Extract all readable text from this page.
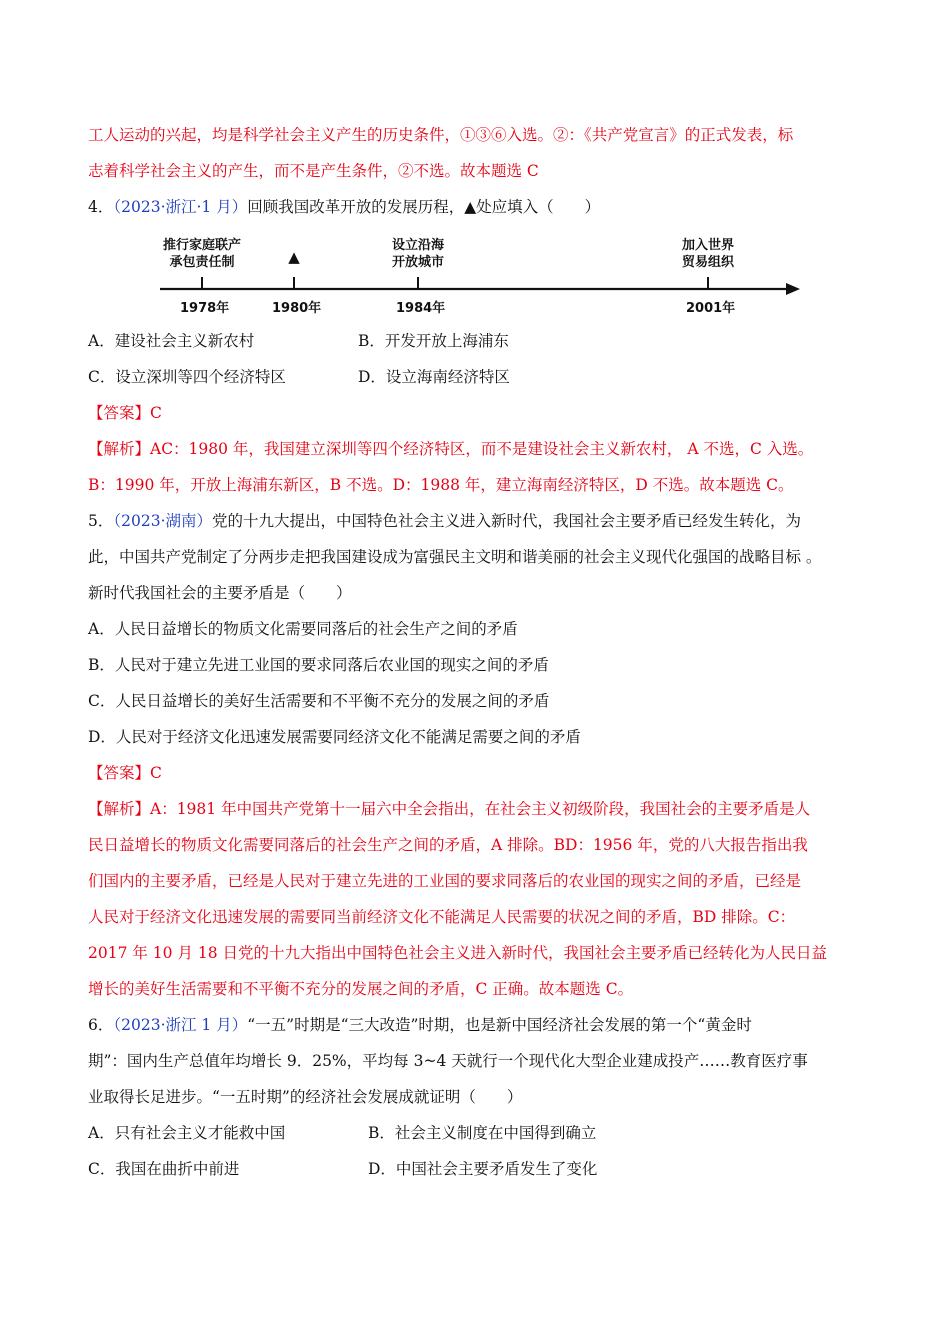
工人运动的兴起，均是科学社会主义产生的历史条件，①③⑥入选。②：《共产党宣言》的正式发表，标

志着科学社会主义的产生，而不是产生条件，②不选。故本题选 C

4．（2023·浙江·1 月）回顾我国改革开放的发展历程，▲处应填入（　　）

推行家庭联产
承包责任制	▲
设立沿海
开放城市
加入世界
贸易组织
1978年	1980年	1984年	2001年
A．建设社会主义新农村	B．开发开放上海浦东
C．设立深圳等四个经济特区	D．设立海南经济特区

【答案】C

【解析】AC：1980 年，我国建立深圳等四个经济特区，而不是建设社会主义新农村， A 不选，C 入选。

B：1990 年，开放上海浦东新区，B 不选。D：1988 年，建立海南经济特区，D 不选。故本题选 C。

5．（2023·湖南）党的十九大提出，中国特色社会主义进入新时代，我国社会主要矛盾已经发生转化，为

此，中国共产党制定了分两步走把我国建设成为富强民主文明和谐美丽的社会主义现代化强国的战略目标 。

新时代我国社会的主要矛盾是（　　）

A．人民日益增长的物质文化需要同落后的社会生产之间的矛盾

B．人民对于建立先进工业国的要求同落后农业国的现实之间的矛盾

C．人民日益增长的美好生活需要和不平衡不充分的发展之间的矛盾

D．人民对于经济文化迅速发展需要同经济文化不能满足需要之间的矛盾

【答案】C

【解析】A：1981 年中国共产党第十一届六中全会指出，在社会主义初级阶段，我国社会的主要矛盾是人

民日益增长的物质文化需要同落后的社会生产之间的矛盾，A 排除。BD：1956 年，党的八大报告指出我

们国内的主要矛盾，已经是人民对于建立先进的工业国的要求同落后的农业国的现实之间的矛盾，已经是

人民对于经济文化迅速发展的需要同当前经济文化不能满足人民需要的状况之间的矛盾，BD 排除。C：

2017 年 10 月 18 日党的十九大指出中国特色社会主义进入新时代，我国社会主要矛盾已经转化为人民日益

增长的美好生活需要和不平衡不充分的发展之间的矛盾，C 正确。故本题选 C。

6．（2023·浙江 1 月）“一五”时期是“三大改造”时期，也是新中国经济社会发展的第一个“黄金时

期”：国内生产总值年均增长 9．25%，平均每 3~4 天就行一个现代化大型企业建成投产……教育医疗事

业取得长足进步。“一五时期”的经济社会发展成就证明（　　）

A．只有社会主义才能救中国	B．社会主义制度在中国得到确立
C．我国在曲折中前进	D．中国社会主要矛盾发生了变化
